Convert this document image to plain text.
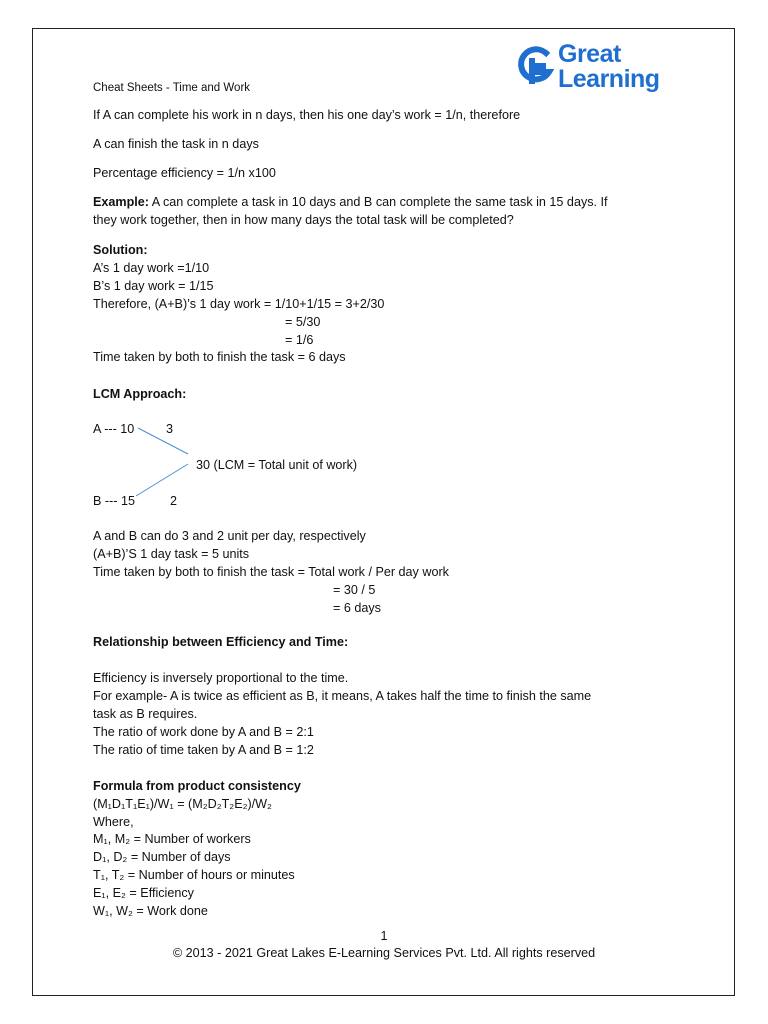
Great
Learning
Cheat Sheets - Time and Work
If A can complete his work in n days, then his one day’s work = 1/n, therefore
A can finish the task in n days
Percentage efficiency = 1/n x100
Example: A can complete a task in 10 days and B can complete the same task in 15 days. If
they work together, then in how many days the total task will be completed?
Solution:
A’s 1 day work =1/10
B’s 1 day work = 1/15
Therefore, (A+B)’s 1 day work = 1/10+1/15 = 3+2/30
= 5/30
= 1/6
Time taken by both to finish the task = 6 days
LCM Approach:
A --- 10	3
30 (LCM = Total unit of work)
B --- 15	2
A and B can do 3 and 2 unit per day, respectively
(A+B)’S 1 day task = 5 units
Time taken by both to finish the task = Total work / Per day work
= 30 / 5
= 6 days
Relationship between Efficiency and Time:
Efficiency is inversely proportional to the time.
For example- A is twice as efficient as B, it means, A takes half the time to finish the same
task as B requires.
The ratio of work done by A and B = 2:1
The ratio of time taken by A and B = 1:2
Formula from product consistency
(M₁D₁T₁E₁)/W₁ = (M₂D₂T₂E₂)/W₂
Where,
M₁, M₂ = Number of workers
D₁, D₂ = Number of days
T₁, T₂ = Number of hours or minutes
E₁, E₂ = Efficiency
W₁, W₂ = Work done
1
© 2013 - 2021 Great Lakes E-Learning Services Pvt. Ltd. All rights reserved
